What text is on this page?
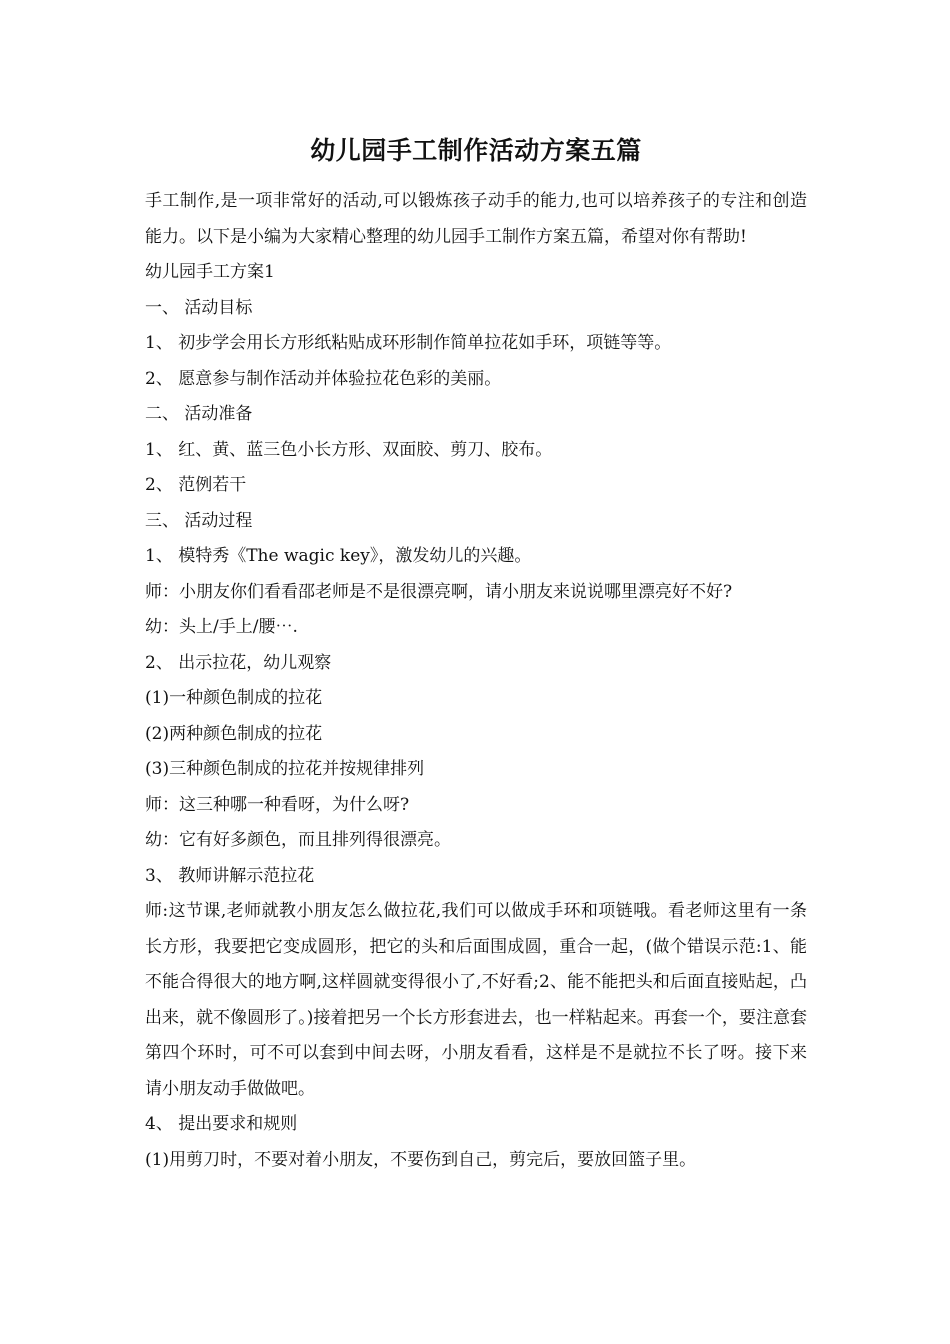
幼儿园手工制作活动方案五篇

手工制作,是一项非常好的活动,可以锻炼孩子动手的能力,也可以培养孩子的专注和创造能力。以下是小编为大家精心整理的幼儿园手工制作方案五篇，希望对你有帮助!

幼儿园手工方案1

一、 活动目标

1、 初步学会用长方形纸粘贴成环形制作简单拉花如手环，项链等等。

2、 愿意参与制作活动并体验拉花色彩的美丽。

二、 活动准备

1、 红、黄、蓝三色小长方形、双面胶、剪刀、胶布。

2、 范例若干

三、 活动过程

1、 模特秀《The wagic key》，激发幼儿的兴趣。

师：小朋友你们看看邵老师是不是很漂亮啊，请小朋友来说说哪里漂亮好不好?

幼：头上/手上/腰⋯.

2、 出示拉花，幼儿观察

(1)一种颜色制成的拉花

(2)两种颜色制成的拉花

(3)三种颜色制成的拉花并按规律排列

师：这三种哪一种看呀，为什么呀?

幼：它有好多颜色，而且排列得很漂亮。

3、 教师讲解示范拉花

师:这节课,老师就教小朋友怎么做拉花,我们可以做成手环和项链哦。看老师这里有一条长方形，我要把它变成圆形，把它的头和后面围成圆，重合一起，(做个错误示范:1、能不能合得很大的地方啊,这样圆就变得很小了,不好看;2、能不能把头和后面直接贴起，凸出来，就不像圆形了。)接着把另一个长方形套进去，也一样粘起来。再套一个，要注意套第四个环时，可不可以套到中间去呀，小朋友看看，这样是不是就拉不长了呀。接下来请小朋友动手做做吧。

4、 提出要求和规则

(1)用剪刀时，不要对着小朋友，不要伤到自己，剪完后，要放回篮子里。
